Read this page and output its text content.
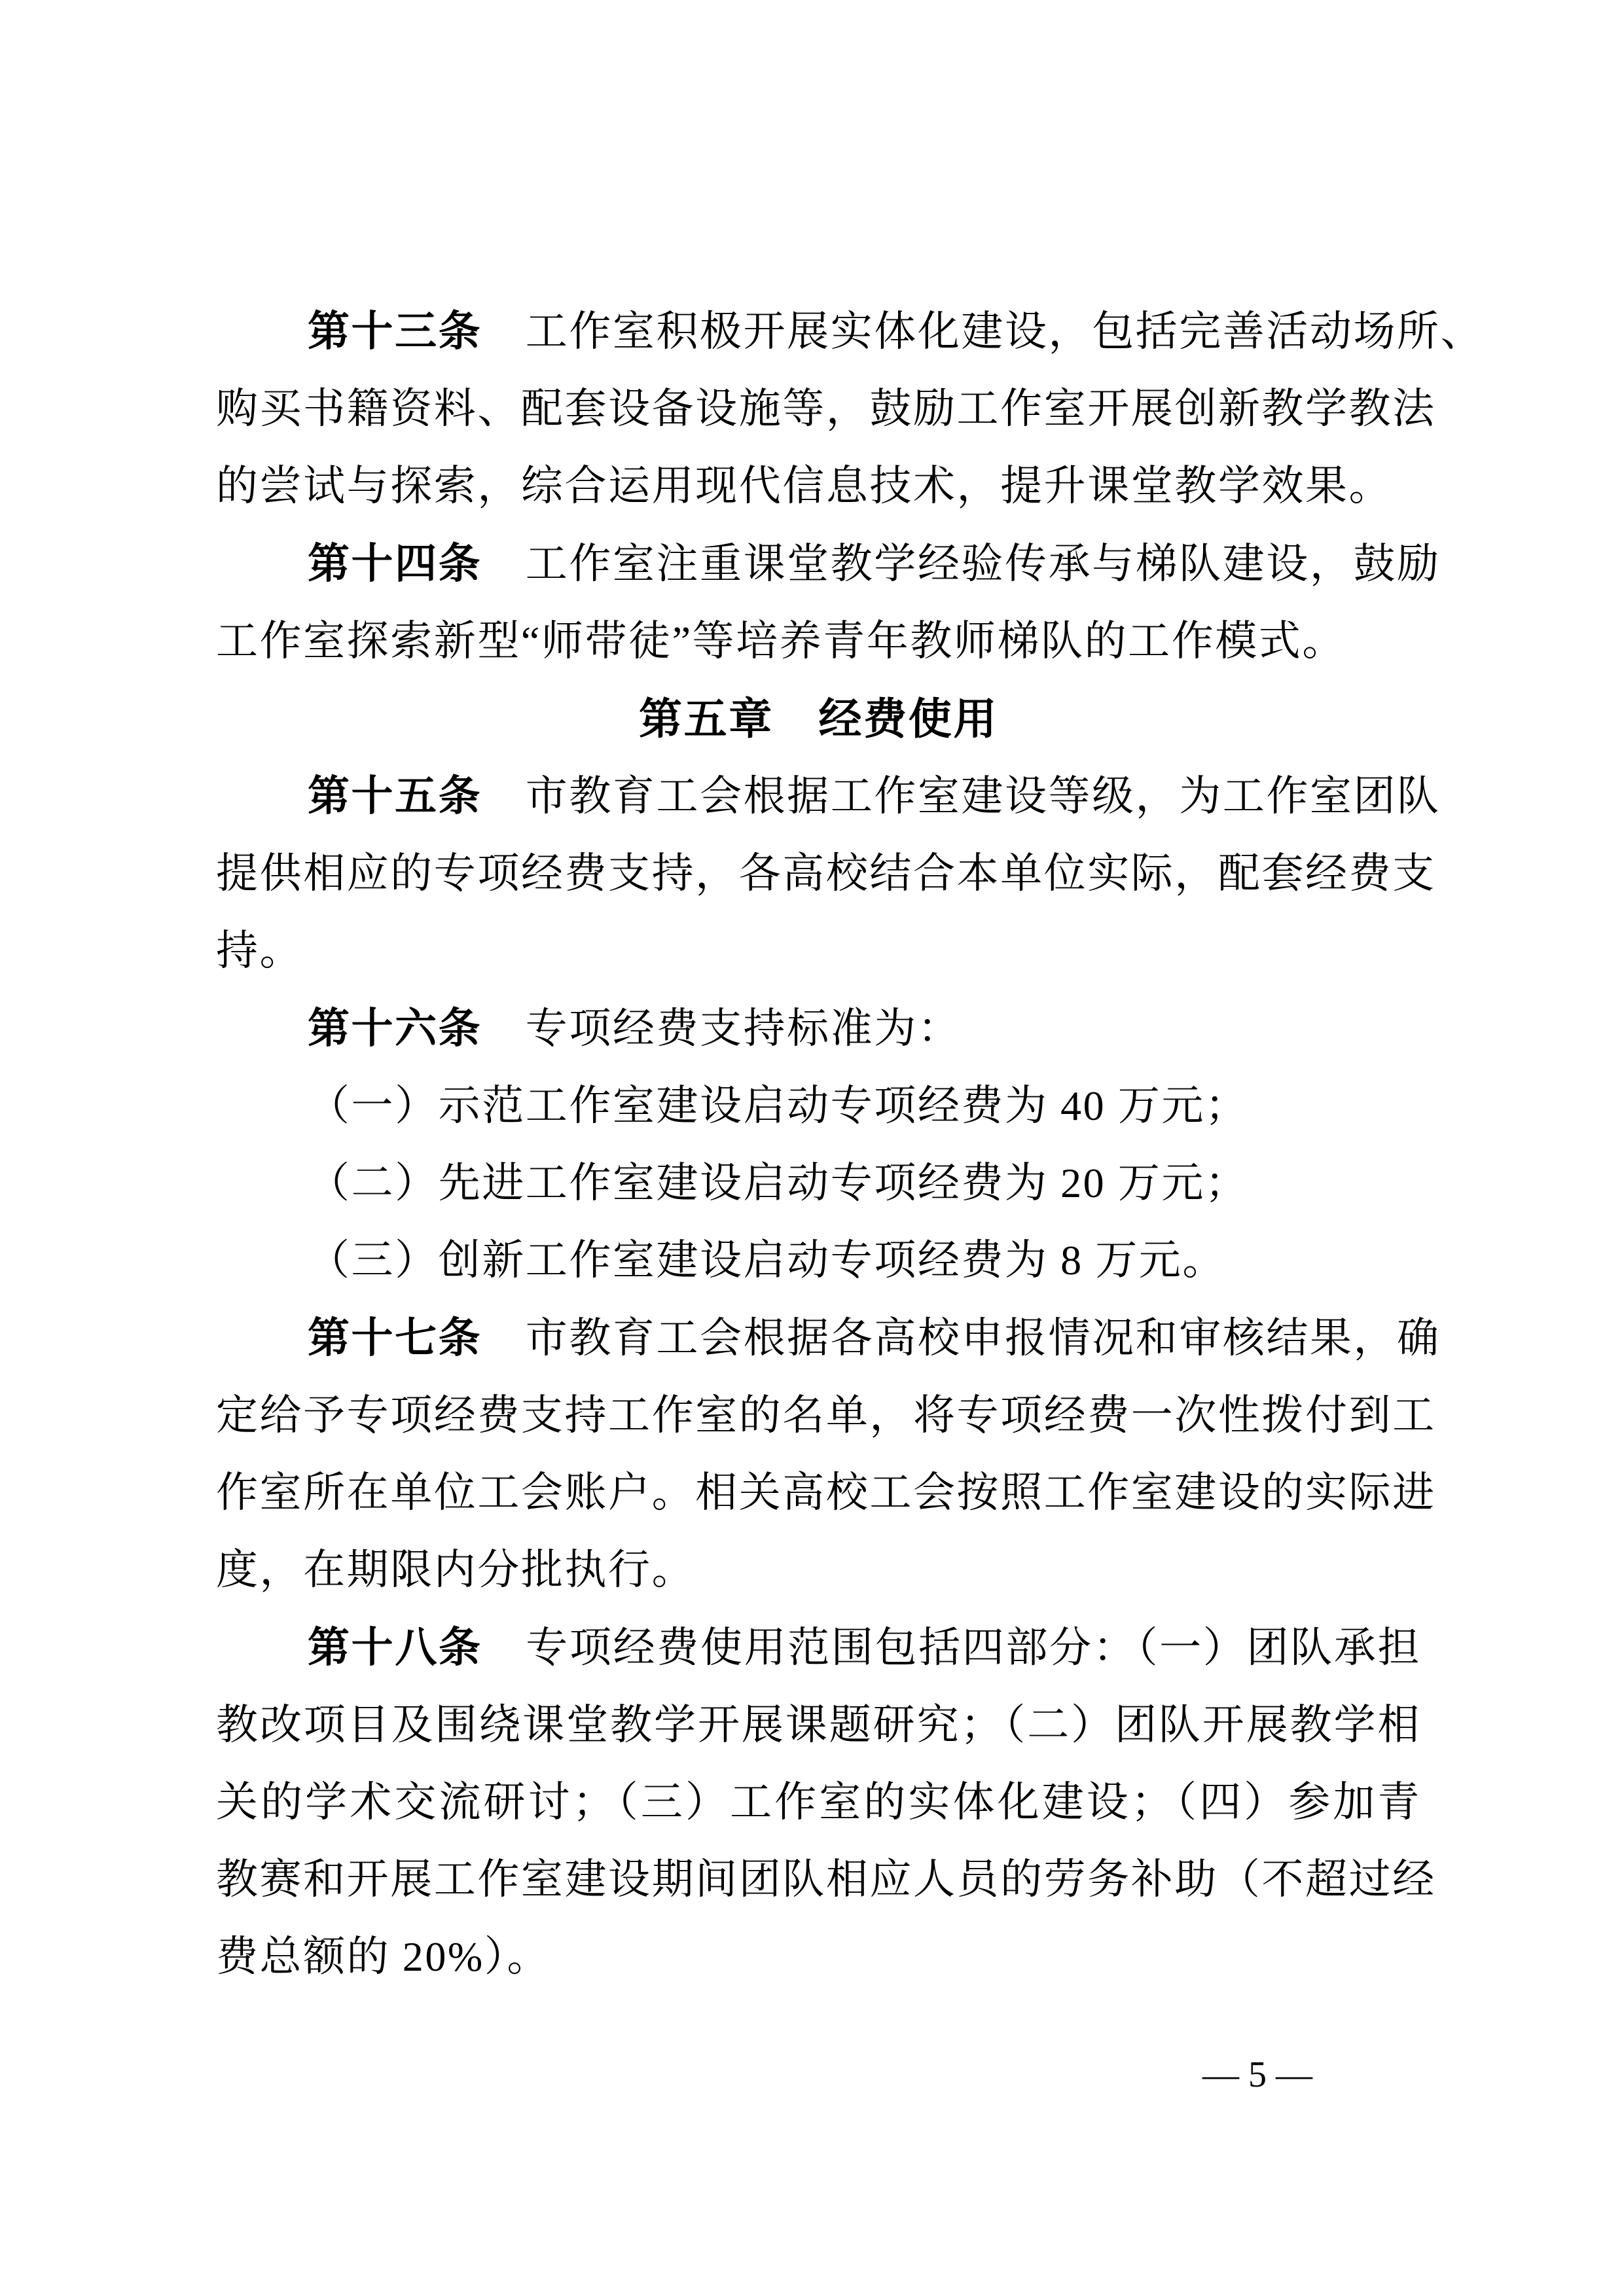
第十三条　工作室积极开展实体化建设，包括完善活动场所、
购买书籍资料、配套设备设施等，鼓励工作室开展创新教学教法
的尝试与探索，综合运用现代信息技术，提升课堂教学效果。
第十四条　工作室注重课堂教学经验传承与梯队建设，鼓励
工作室探索新型“师带徒”等培养青年教师梯队的工作模式。
第五章　经费使用
第十五条　市教育工会根据工作室建设等级，为工作室团队
提供相应的专项经费支持，各高校结合本单位实际，配套经费支
持。
第十六条　专项经费支持标准为：
（一）示范工作室建设启动专项经费为 40 万元；
（二）先进工作室建设启动专项经费为 20 万元；
（三）创新工作室建设启动专项经费为 8 万元。
第十七条　市教育工会根据各高校申报情况和审核结果，确
定给予专项经费支持工作室的名单，将专项经费一次性拨付到工
作室所在单位工会账户。相关高校工会按照工作室建设的实际进
度，在期限内分批执行。
第十八条　专项经费使用范围包括四部分：（一）团队承担
教改项目及围绕课堂教学开展课题研究；（二）团队开展教学相
关的学术交流研讨；（三）工作室的实体化建设；（四）参加青
教赛和开展工作室建设期间团队相应人员的劳务补助（不超过经
费总额的 20%）。
— 5 —
